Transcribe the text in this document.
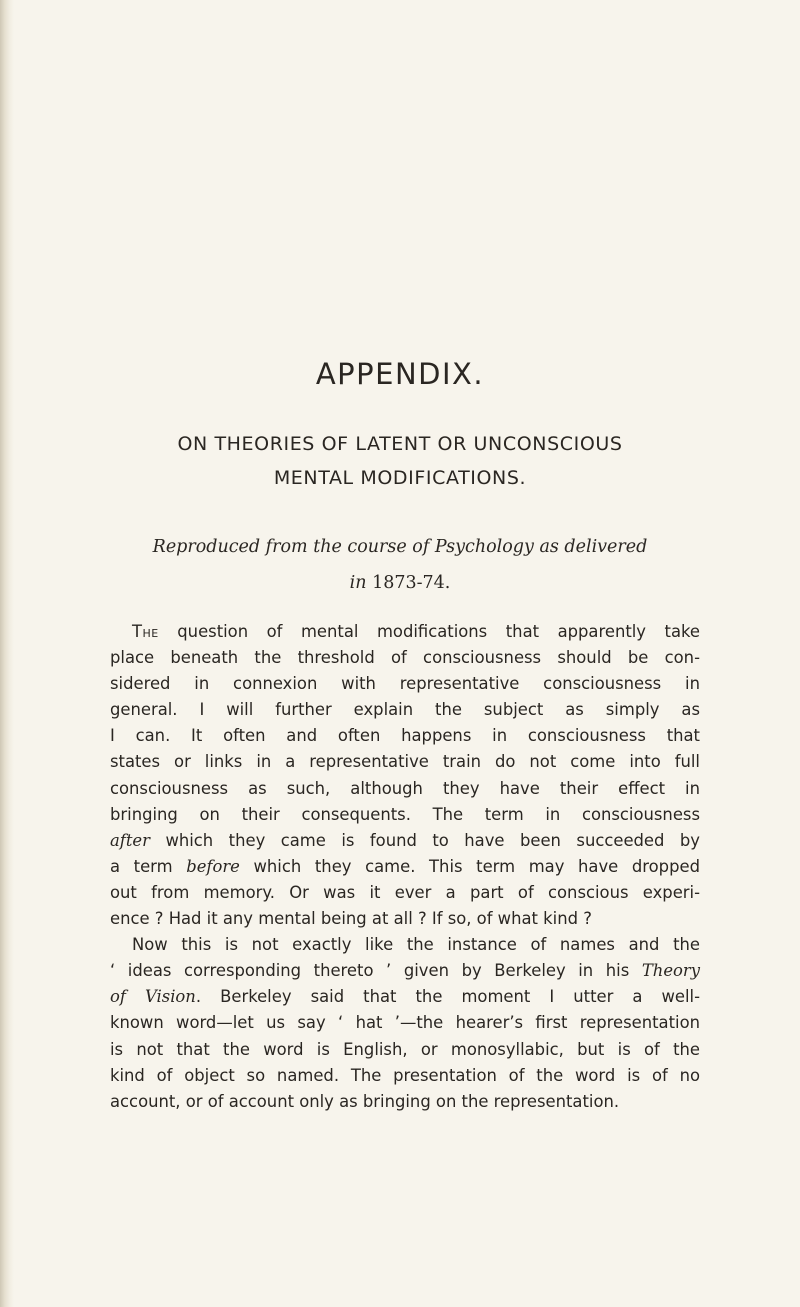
APPENDIX.
ON THEORIES OF LATENT OR UNCONSCIOUS
MENTAL MODIFICATIONS.
Reproduced from the course of Psychology as delivered
in 1873-74.
The question of mental modifications that apparently take
place beneath the threshold of consciousness should be con-
sidered in connexion with representative consciousness in
general. I will further explain the subject as simply as
I can. It often and often happens in consciousness that
states or links in a representative train do not come into full
consciousness as such, although they have their effect in
bringing on their consequents. The term in consciousness
after which they came is found to have been succeeded by
a term before which they came. This term may have dropped
out from memory. Or was it ever a part of conscious experi-
ence ? Had it any mental being at all ? If so, of what kind ?
Now this is not exactly like the instance of names and the
‘ ideas corresponding thereto ’ given by Berkeley in his Theory
of Vision. Berkeley said that the moment I utter a well-
known word—let us say ‘ hat ’—the hearer’s first representation
is not that the word is English, or monosyllabic, but is of the
kind of object so named. The presentation of the word is of no
account, or of account only as bringing on the representation.
